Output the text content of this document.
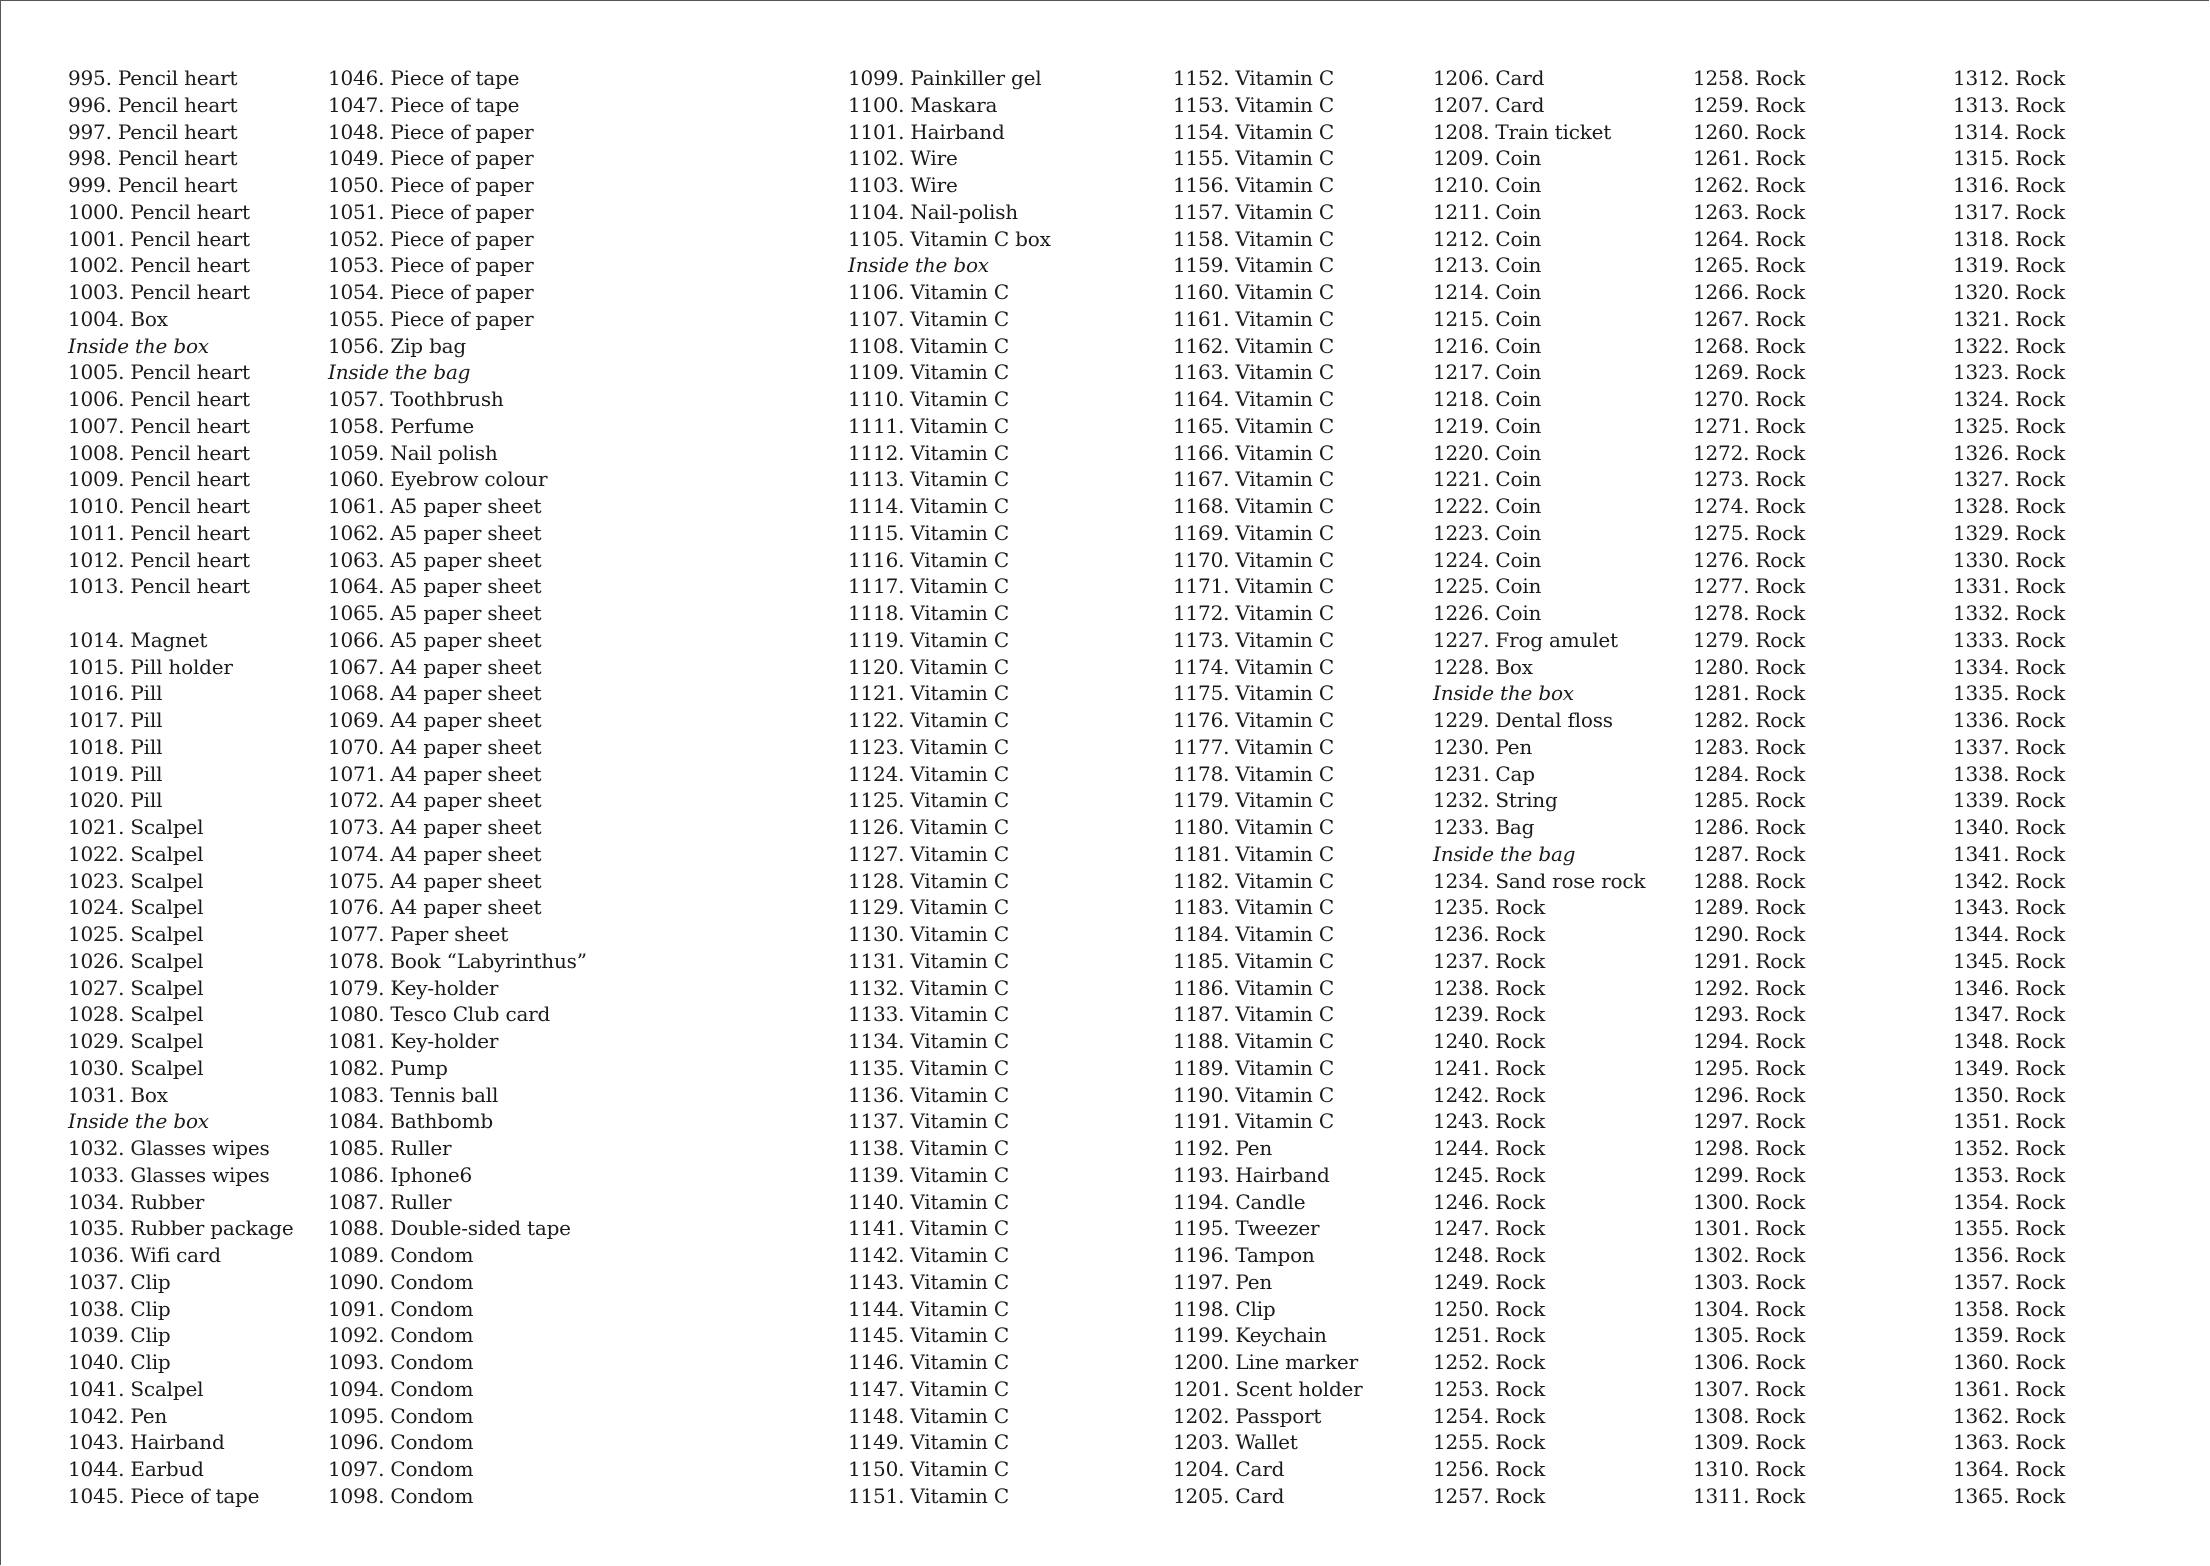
995. Pencil heart
996. Pencil heart
997. Pencil heart
998. Pencil heart
999. Pencil heart
1000. Pencil heart
1001. Pencil heart
1002. Pencil heart
1003. Pencil heart
1004. Box
Inside the box
1005. Pencil heart
1006. Pencil heart
1007. Pencil heart
1008. Pencil heart
1009. Pencil heart
1010. Pencil heart
1011. Pencil heart
1012. Pencil heart
1013. Pencil heart
1014. Magnet
1015. Pill holder
1016. Pill
1017. Pill
1018. Pill
1019. Pill
1020. Pill
1021. Scalpel
1022. Scalpel
1023. Scalpel
1024. Scalpel
1025. Scalpel
1026. Scalpel
1027. Scalpel
1028. Scalpel
1029. Scalpel
1030. Scalpel
1031. Box
Inside the box
1032. Glasses wipes
1033. Glasses wipes
1034. Rubber
1035. Rubber package
1036. Wifi card
1037. Clip
1038. Clip
1039. Clip
1040. Clip
1041. Scalpel
1042. Pen
1043. Hairband
1044. Earbud
1045. Piece of tape
1046. Piece of tape
1047. Piece of tape
1048. Piece of paper
1049. Piece of paper
1050. Piece of paper
1051. Piece of paper
1052. Piece of paper
1053. Piece of paper
1054. Piece of paper
1055. Piece of paper
1056. Zip bag
Inside the bag
1057. Toothbrush
1058. Perfume
1059. Nail polish
1060. Eyebrow colour
1061. A5 paper sheet
1062. A5 paper sheet
1063. A5 paper sheet
1064. A5 paper sheet
1065. A5 paper sheet
1066. A5 paper sheet
1067. A4 paper sheet
1068. A4 paper sheet
1069. A4 paper sheet
1070. A4 paper sheet
1071. A4 paper sheet
1072. A4 paper sheet
1073. A4 paper sheet
1074. A4 paper sheet
1075. A4 paper sheet
1076. A4 paper sheet
1077. Paper sheet
1078. Book “Labyrinthus”
1079. Key-holder
1080. Tesco Club card
1081. Key-holder
1082. Pump
1083. Tennis ball
1084. Bathbomb
1085. Ruller
1086. Iphone6
1087. Ruller
1088. Double-sided tape
1089. Condom
1090. Condom
1091. Condom
1092. Condom
1093. Condom
1094. Condom
1095. Condom
1096. Condom
1097. Condom
1098. Condom
1099. Painkiller gel
1100. Maskara
1101. Hairband
1102. Wire
1103. Wire
1104. Nail-polish
1105. Vitamin C box
Inside the box
1106. Vitamin C
1107. Vitamin C
1108. Vitamin C
1109. Vitamin C
1110. Vitamin C
1111. Vitamin C
1112. Vitamin C
1113. Vitamin C
1114. Vitamin C
1115. Vitamin C
1116. Vitamin C
1117. Vitamin C
1118. Vitamin C
1119. Vitamin C
1120. Vitamin C
1121. Vitamin C
1122. Vitamin C
1123. Vitamin C
1124. Vitamin C
1125. Vitamin C
1126. Vitamin C
1127. Vitamin C
1128. Vitamin C
1129. Vitamin C
1130. Vitamin C
1131. Vitamin C
1132. Vitamin C
1133. Vitamin C
1134. Vitamin C
1135. Vitamin C
1136. Vitamin C
1137. Vitamin C
1138. Vitamin C
1139. Vitamin C
1140. Vitamin C
1141. Vitamin C
1142. Vitamin C
1143. Vitamin C
1144. Vitamin C
1145. Vitamin C
1146. Vitamin C
1147. Vitamin C
1148. Vitamin C
1149. Vitamin C
1150. Vitamin C
1151. Vitamin C
1152. Vitamin C
1153. Vitamin C
1154. Vitamin C
1155. Vitamin C
1156. Vitamin C
1157. Vitamin C
1158. Vitamin C
1159. Vitamin C
1160. Vitamin C
1161. Vitamin C
1162. Vitamin C
1163. Vitamin C
1164. Vitamin C
1165. Vitamin C
1166. Vitamin C
1167. Vitamin C
1168. Vitamin C
1169. Vitamin C
1170. Vitamin C
1171. Vitamin C
1172. Vitamin C
1173. Vitamin C
1174. Vitamin C
1175. Vitamin C
1176. Vitamin C
1177. Vitamin C
1178. Vitamin C
1179. Vitamin C
1180. Vitamin C
1181. Vitamin C
1182. Vitamin C
1183. Vitamin C
1184. Vitamin C
1185. Vitamin C
1186. Vitamin C
1187. Vitamin C
1188. Vitamin C
1189. Vitamin C
1190. Vitamin C
1191. Vitamin C
1192. Pen
1193. Hairband
1194. Candle
1195. Tweezer
1196. Tampon
1197. Pen
1198. Clip
1199. Keychain
1200. Line marker
1201. Scent holder
1202. Passport
1203. Wallet
1204. Card
1205. Card
1206. Card
1207. Card
1208. Train ticket
1209. Coin
1210. Coin
1211. Coin
1212. Coin
1213. Coin
1214. Coin
1215. Coin
1216. Coin
1217. Coin
1218. Coin
1219. Coin
1220. Coin
1221. Coin
1222. Coin
1223. Coin
1224. Coin
1225. Coin
1226. Coin
1227. Frog amulet
1228. Box
Inside the box
1229. Dental floss
1230. Pen
1231. Cap
1232. String
1233. Bag
Inside the bag
1234. Sand rose rock
1235. Rock
1236. Rock
1237. Rock
1238. Rock
1239. Rock
1240. Rock
1241. Rock
1242. Rock
1243. Rock
1244. Rock
1245. Rock
1246. Rock
1247. Rock
1248. Rock
1249. Rock
1250. Rock
1251. Rock
1252. Rock
1253. Rock
1254. Rock
1255. Rock
1256. Rock
1257. Rock
1258. Rock
1259. Rock
1260. Rock
1261. Rock
1262. Rock
1263. Rock
1264. Rock
1265. Rock
1266. Rock
1267. Rock
1268. Rock
1269. Rock
1270. Rock
1271. Rock
1272. Rock
1273. Rock
1274. Rock
1275. Rock
1276. Rock
1277. Rock
1278. Rock
1279. Rock
1280. Rock
1281. Rock
1282. Rock
1283. Rock
1284. Rock
1285. Rock
1286. Rock
1287. Rock
1288. Rock
1289. Rock
1290. Rock
1291. Rock
1292. Rock
1293. Rock
1294. Rock
1295. Rock
1296. Rock
1297. Rock
1298. Rock
1299. Rock
1300. Rock
1301. Rock
1302. Rock
1303. Rock
1304. Rock
1305. Rock
1306. Rock
1307. Rock
1308. Rock
1309. Rock
1310. Rock
1311. Rock
1312. Rock
1313. Rock
1314. Rock
1315. Rock
1316. Rock
1317. Rock
1318. Rock
1319. Rock
1320. Rock
1321. Rock
1322. Rock
1323. Rock
1324. Rock
1325. Rock
1326. Rock
1327. Rock
1328. Rock
1329. Rock
1330. Rock
1331. Rock
1332. Rock
1333. Rock
1334. Rock
1335. Rock
1336. Rock
1337. Rock
1338. Rock
1339. Rock
1340. Rock
1341. Rock
1342. Rock
1343. Rock
1344. Rock
1345. Rock
1346. Rock
1347. Rock
1348. Rock
1349. Rock
1350. Rock
1351. Rock
1352. Rock
1353. Rock
1354. Rock
1355. Rock
1356. Rock
1357. Rock
1358. Rock
1359. Rock
1360. Rock
1361. Rock
1362. Rock
1363. Rock
1364. Rock
1365. Rock
